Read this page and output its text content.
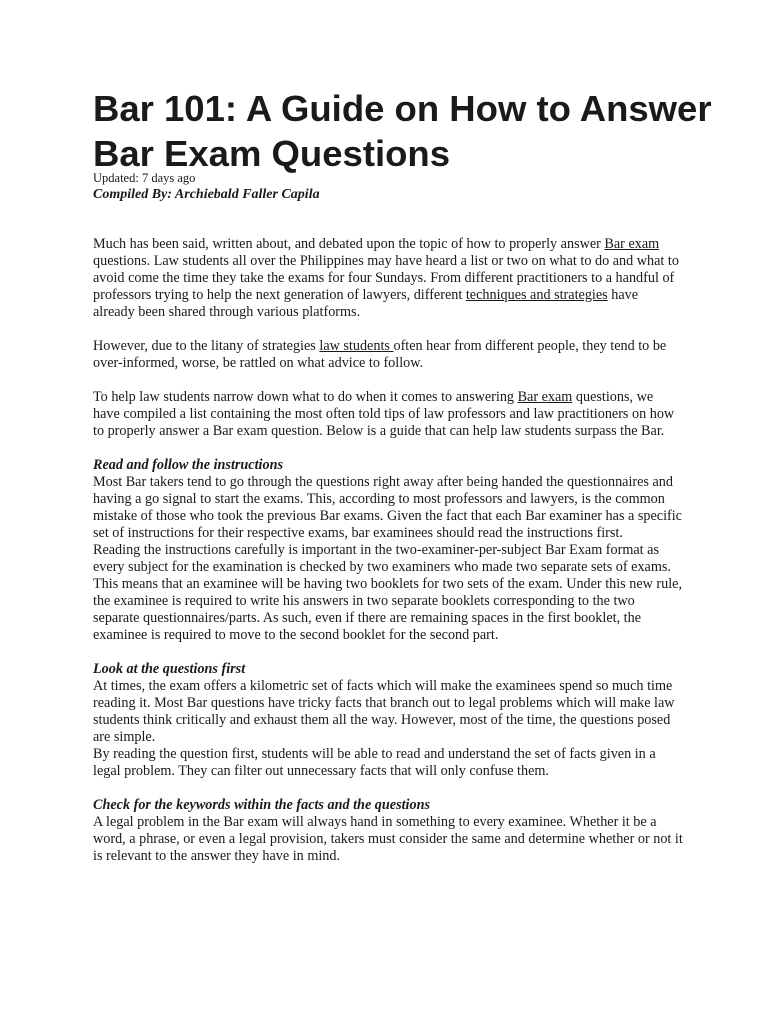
Bar 101: A Guide on How to Answer Bar Exam Questions
Updated: 7 days ago
Compiled By: Archiebald Faller Capila

Much has been said, written about, and debated upon the topic of how to properly answer Bar exam questions. Law students all over the Philippines may have heard a list or two on what to do and what to avoid come the time they take the exams for four Sundays. From different practitioners to a handful of professors trying to help the next generation of lawyers, different techniques and strategies have already been shared through various platforms.

However, due to the litany of strategies law students often hear from different people, they tend to be over-informed, worse, be rattled on what advice to follow.

To help law students narrow down what to do when it comes to answering Bar exam questions, we have compiled a list containing the most often told tips of law professors and law practitioners on how to properly answer a Bar exam question. Below is a guide that can help law students surpass the Bar.

Read and follow the instructions

Most Bar takers tend to go through the questions right away after being handed the questionnaires and having a go signal to start the exams. This, according to most professors and lawyers, is the common mistake of those who took the previous Bar exams. Given the fact that each Bar examiner has a specific set of instructions for their respective exams, bar examinees should read the instructions first.

Reading the instructions carefully is important in the two-examiner-per-subject Bar Exam format as every subject for the examination is checked by two examiners who made two separate sets of exams. This means that an examinee will be having two booklets for two sets of the exam. Under this new rule, the examinee is required to write his answers in two separate booklets corresponding to the two separate questionnaires/parts. As such, even if there are remaining spaces in the first booklet, the examinee is required to move to the second booklet for the second part.

Look at the questions first

At times, the exam offers a kilometric set of facts which will make the examinees spend so much time reading it. Most Bar questions have tricky facts that branch out to legal problems which will make law students think critically and exhaust them all the way. However, most of the time, the questions posed are simple.

By reading the question first, students will be able to read and understand the set of facts given in a legal problem. They can filter out unnecessary facts that will only confuse them.

Check for the keywords within the facts and the questions

A legal problem in the Bar exam will always hand in something to every examinee. Whether it be a word, a phrase, or even a legal provision, takers must consider the same and determine whether or not it is relevant to the answer they have in mind.
